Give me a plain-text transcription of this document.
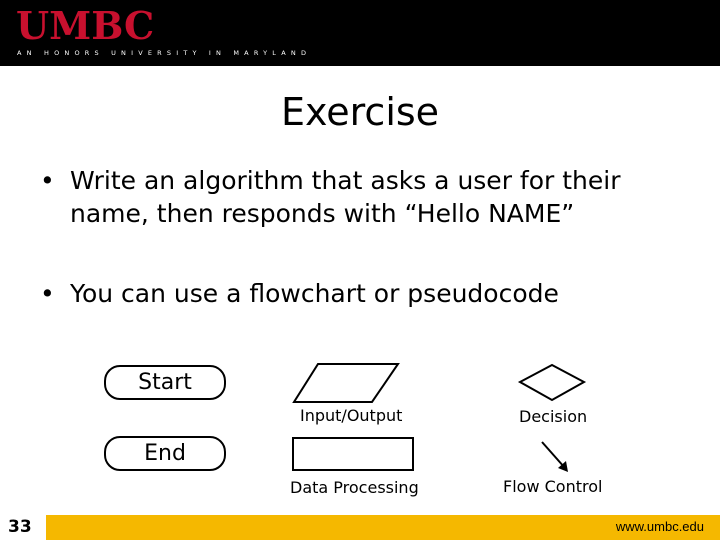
UMBC
AN HONORS UNIVERSITY IN MARYLAND
Exercise
• Write an algorithm that asks a user for their
name, then responds with “Hello NAME”
• You can use a flowchart or pseudocode
Start
End
Input/Output	Decision
Data Processing	Flow Control
33	www.umbc.edu
